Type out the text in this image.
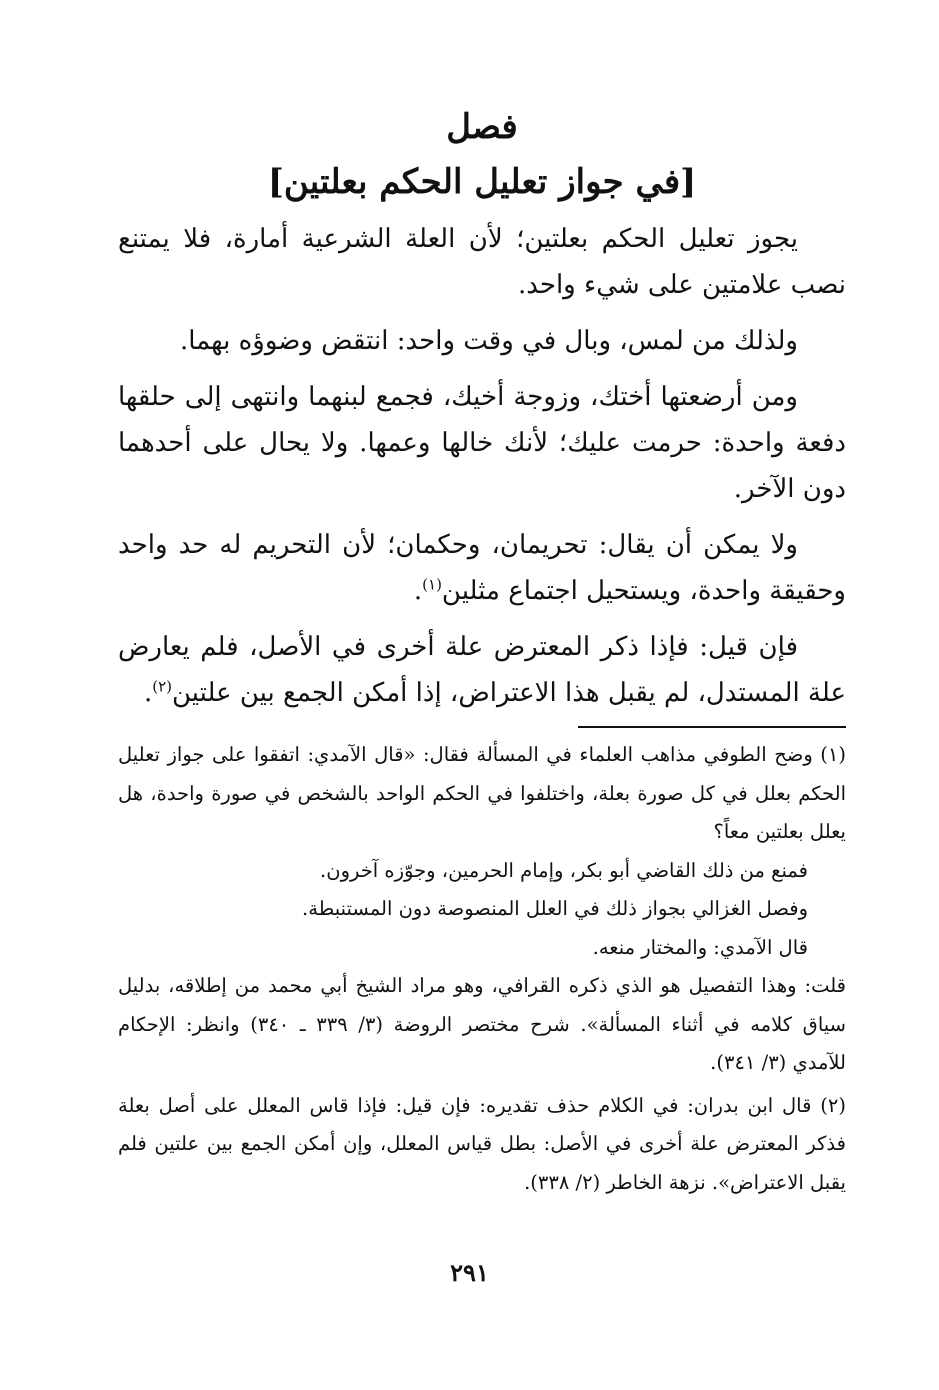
فصل
[في جواز تعليل الحكم بعلتين]

يجوز تعليل الحكم بعلتين؛ لأن العلة الشرعية أمارة، فلا يمتنع نصب علامتين على شيء واحد.

ولذلك من لمس، وبال في وقت واحد: انتقض وضوؤه بهما.

ومن أرضعتها أختك، وزوجة أخيك، فجمع لبنهما وانتهى إلى حلقها دفعة واحدة: حرمت عليك؛ لأنك خالها وعمها. ولا يحال على أحدهما دون الآخر.

ولا يمكن أن يقال: تحريمان، وحكمان؛ لأن التحريم له حد واحد وحقيقة واحدة، ويستحيل اجتماع مثلين$^{(١)}$.

فإن قيل: فإذا ذكر المعترض علة أخرى في الأصل، فلم يعارض علة المستدل، لم يقبل هذا الاعتراض، إذا أمكن الجمع بين علتين$^{(٢)}$.

(١) وضح الطوفي مذاهب العلماء في المسألة فقال: «قال الآمدي: اتفقوا على جواز تعليل الحكم بعلل في كل صورة بعلة، واختلفوا في الحكم الواحد بالشخص في صورة واحدة، هل يعلل بعلتين معاً؟

فمنع من ذلك القاضي أبو بكر، وإمام الحرمين، وجوّزه آخرون.

وفصل الغزالي بجواز ذلك في العلل المنصوصة دون المستنبطة.

قال الآمدي: والمختار منعه.

قلت: وهذا التفصيل هو الذي ذكره القرافي، وهو مراد الشيخ أبي محمد من إطلاقه، بدليل سياق كلامه في أثناء المسألة». شرح مختصر الروضة (٣/ ٣٣٩ ـ ٣٤٠) وانظر: الإحكام للآمدي (٣/ ٣٤١).

(٢) قال ابن بدران: في الكلام حذف تقديره: فإن قيل: فإذا قاس المعلل على أصل بعلة فذكر المعترض علة أخرى في الأصل: بطل قياس المعلل، وإن أمكن الجمع بين علتين فلم يقبل الاعتراض». نزهة الخاطر (٢/ ٣٣٨).

٢٩١
